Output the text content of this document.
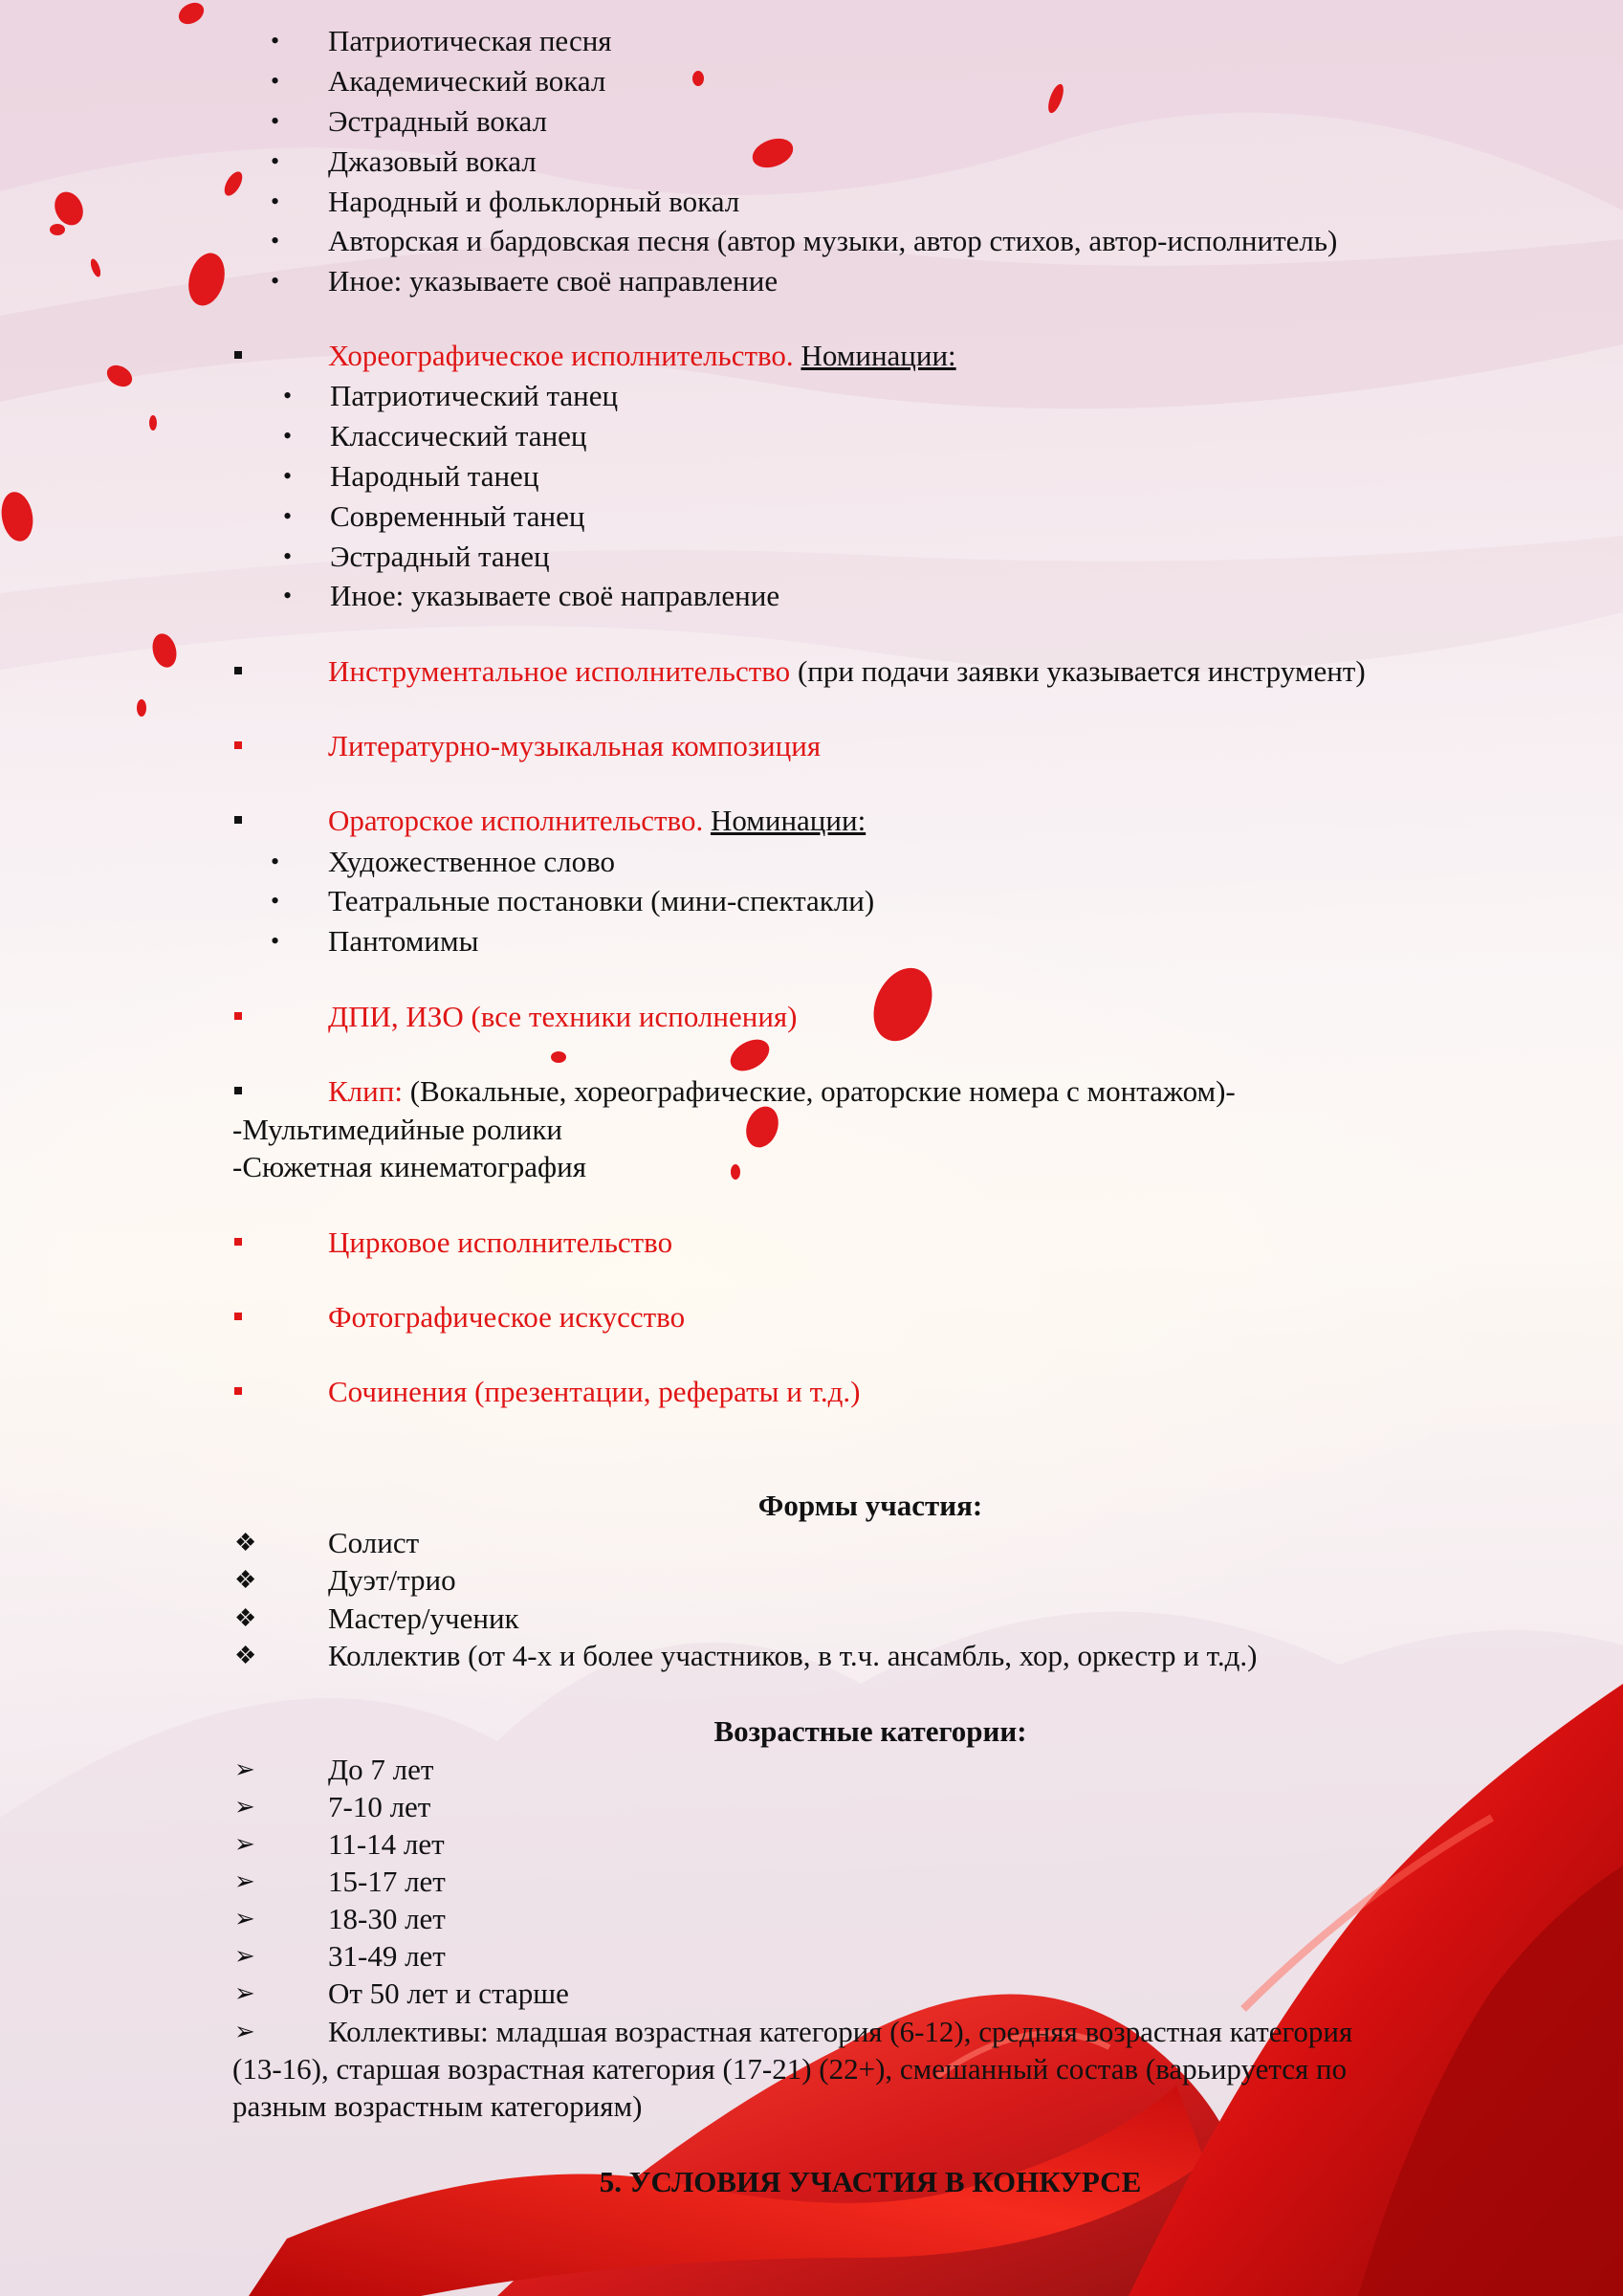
• Патриотическая песня
• Академический вокал
• Эстрадный вокал
• Джазовый вокал
• Народный и фольклорный вокал
• Авторская и бардовская песня (автор музыки, автор стихов, автор-исполнитель)
• Иное: указываете своё направление
Хореографическое исполнительство. Номинации:
• Патриотический танец
• Классический танец
• Народный танец
• Современный танец
• Эстрадный танец
• Иное: указываете своё направление
Инструментальное исполнительство (при подачи заявки указывается инструмент)
Литературно-музыкальная композиция
Ораторское исполнительство. Номинации:
• Художественное слово
• Театральные постановки (мини-спектакли)
• Пантомимы
ДПИ, ИЗО (все техники исполнения)
Клип: (Вокальные, хореографические, ораторские номера с монтажом)-
-Мультимедийные ролики
-Сюжетная кинематография
Цирковое исполнительство
Фотографическое искусство
Сочинения (презентации, рефераты и т.д.)
Формы участия:
❖ Солист
❖ Дуэт/трио
❖ Мастер/ученик
❖ Коллектив (от 4-х и более участников, в т.ч. ансамбль, хор, оркестр и т.д.)
Возрастные категории:
➢ До 7 лет
➢ 7-10 лет
➢ 11-14 лет
➢ 15-17 лет
➢ 18-30 лет
➢ 31-49 лет
➢ От 50 лет и старше
➢ Коллективы: младшая возрастная категория (6-12), средняя возрастная категория
(13-16), старшая возрастная категория (17-21) (22+), смешанный состав (варьируется по
разным возрастным категориям)
5. УСЛОВИЯ УЧАСТИЯ В КОНКУРСЕ
